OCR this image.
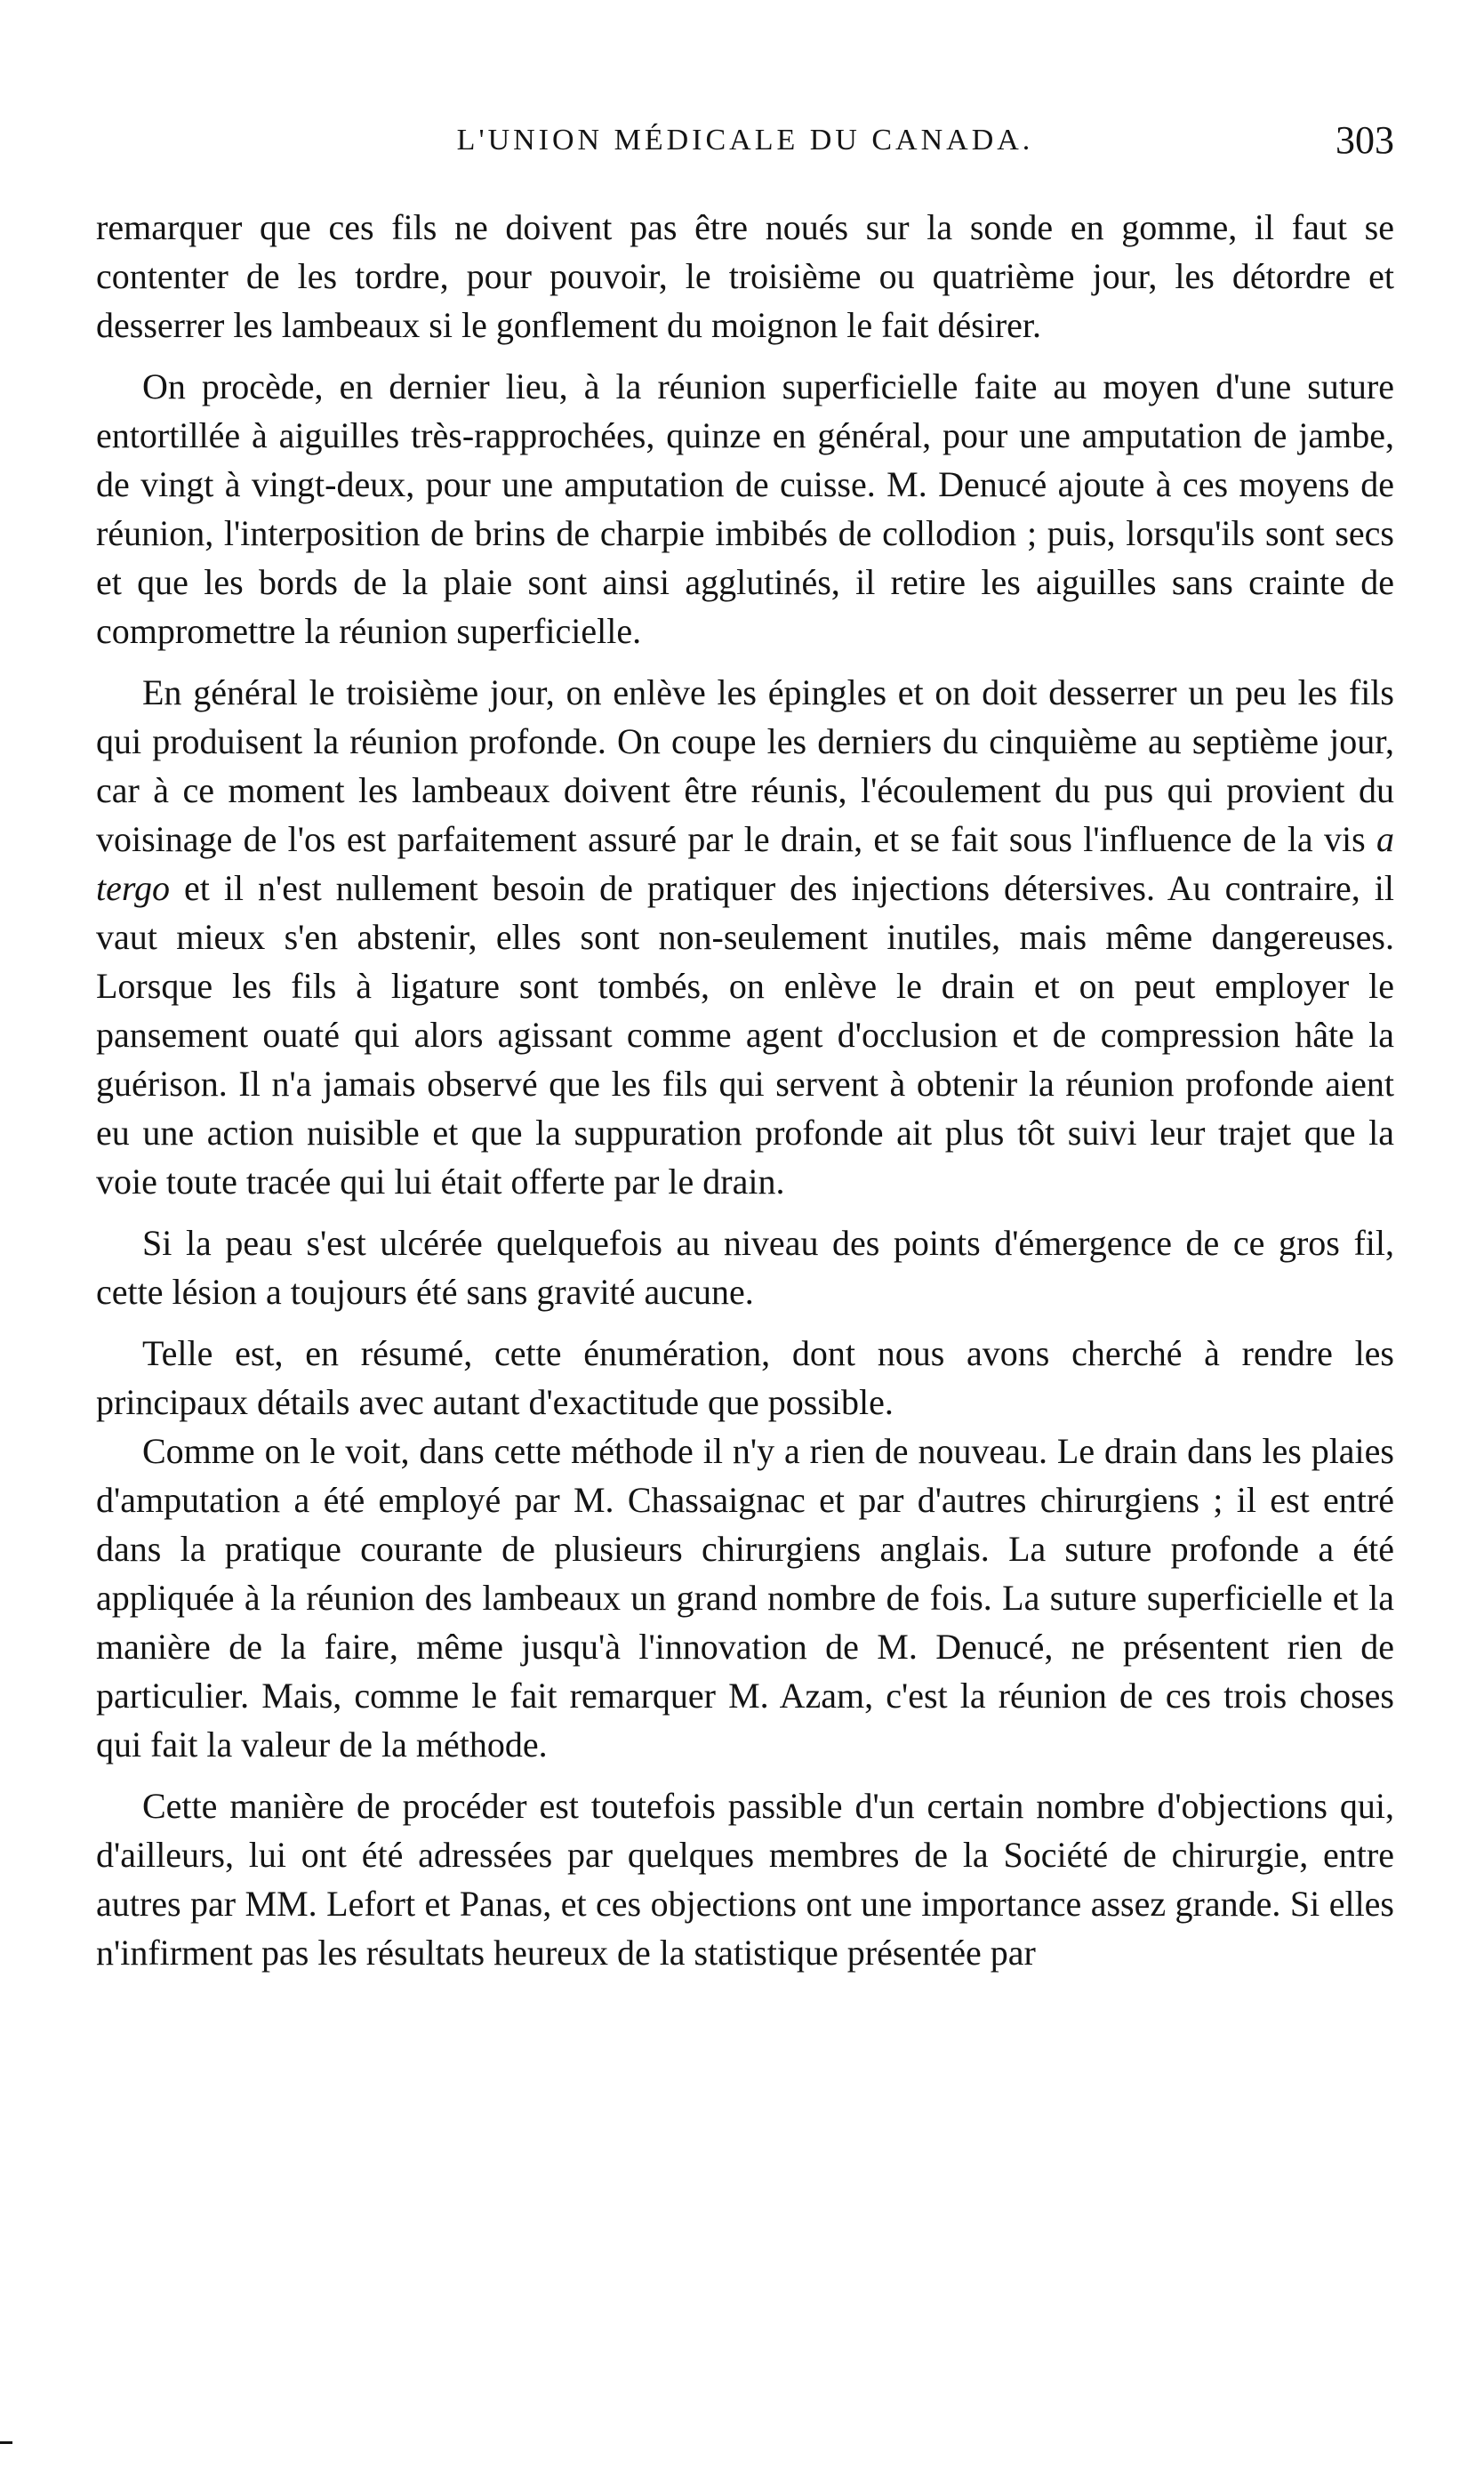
L'UNION MÉDICALE DU CANADA.	303

remarquer que ces fils ne doivent pas être noués sur la sonde en gomme, il faut se contenter de les tordre, pour pouvoir, le troisième ou quatrième jour, les détordre et desserrer les lambeaux si le gonflement du moignon le fait désirer.

On procède, en dernier lieu, à la réunion superficielle faite au moyen d'une suture entortillée à aiguilles très-rapprochées, quinze en général, pour une amputation de jambe, de vingt à vingt-deux, pour une amputation de cuisse. M. Denucé ajoute à ces moyens de réunion, l'interposition de brins de charpie imbibés de collodion ; puis, lorsqu'ils sont secs et que les bords de la plaie sont ainsi agglutinés, il retire les aiguilles sans crainte de compromettre la réunion superficielle.

En général le troisième jour, on enlève les épingles et on doit desserrer un peu les fils qui produisent la réunion profonde. On coupe les derniers du cinquième au septième jour, car à ce moment les lambeaux doivent être réunis, l'écoulement du pus qui provient du voisinage de l'os est parfaitement assuré par le drain, et se fait sous l'influence de la vis a tergo et il n'est nullement besoin de pratiquer des injections détersives. Au contraire, il vaut mieux s'en abstenir, elles sont non-seulement inutiles, mais même dangereuses. Lorsque les fils à ligature sont tombés, on enlève le drain et on peut employer le pansement ouaté qui alors agissant comme agent d'occlusion et de compression hâte la guérison. Il n'a jamais observé que les fils qui servent à obtenir la réunion profonde aient eu une action nuisible et que la suppuration profonde ait plus tôt suivi leur trajet que la voie toute tracée qui lui était offerte par le drain.

Si la peau s'est ulcérée quelquefois au niveau des points d'émergence de ce gros fil, cette lésion a toujours été sans gravité aucune.

Telle est, en résumé, cette énumération, dont nous avons cherché à rendre les principaux détails avec autant d'exactitude que possible.

Comme on le voit, dans cette méthode il n'y a rien de nouveau. Le drain dans les plaies d'amputation a été employé par M. Chassaignac et par d'autres chirurgiens ; il est entré dans la pratique courante de plusieurs chirurgiens anglais. La suture profonde a été appliquée à la réunion des lambeaux un grand nombre de fois. La suture superficielle et la manière de la faire, même jusqu'à l'innovation de M. Denucé, ne présentent rien de particulier. Mais, comme le fait remarquer M. Azam, c'est la réunion de ces trois choses qui fait la valeur de la méthode.

Cette manière de procéder est toutefois passible d'un certain nombre d'objections qui, d'ailleurs, lui ont été adressées par quelques membres de la Société de chirurgie, entre autres par MM. Lefort et Panas, et ces objections ont une importance assez grande. Si elles n'infirment pas les résultats heureux de la statistique présentée par
